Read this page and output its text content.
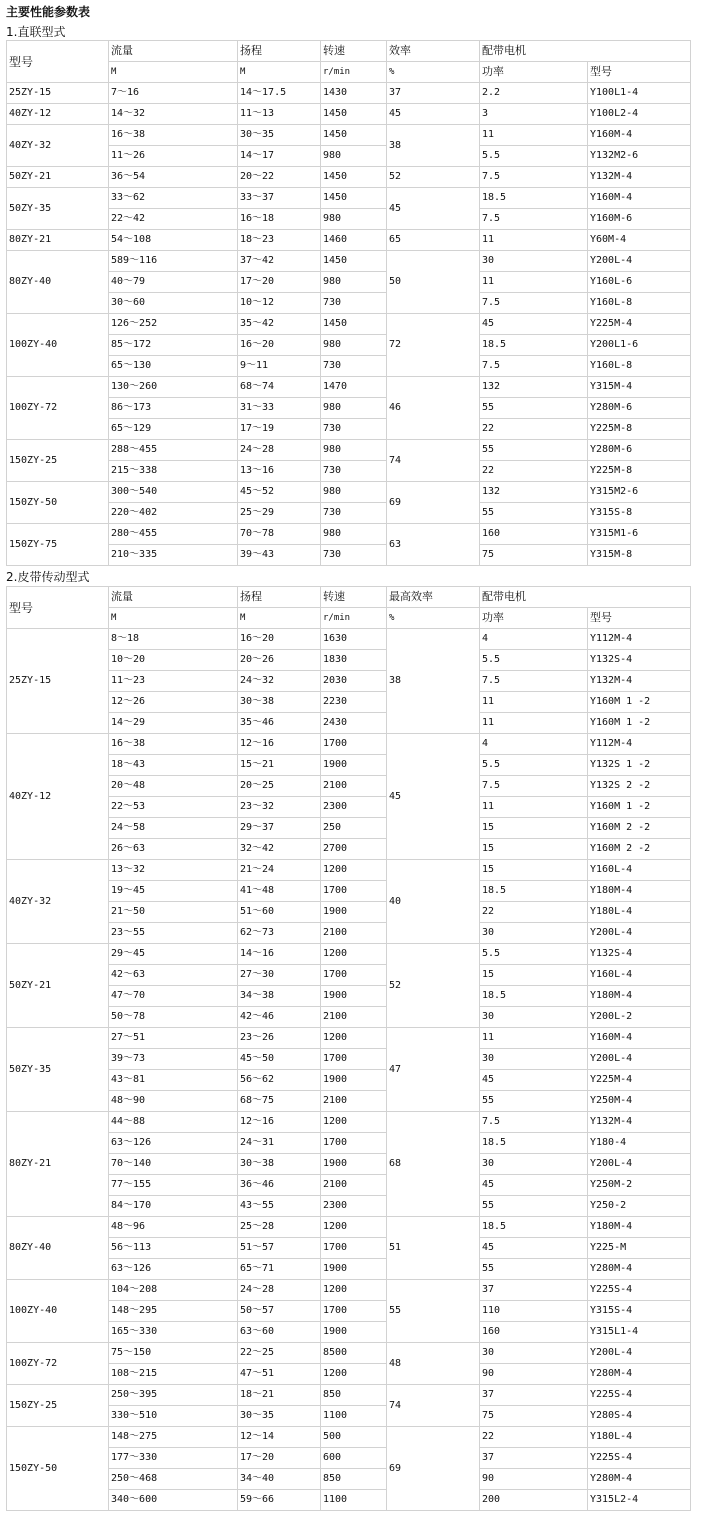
主要性能参数表
1.直联型式
型号	流量	扬程	转速	效率	配带电机	
	M	M	r/min	%	功率	型号
25ZY-15	7～16	14～17.5	1430	37	2.2	Y100L1-4
40ZY-12	14～32	11～13	1450	45	3	Y100L2-4
40ZY-32	16～38	30～35	1450	38	11	Y160M-4
	11～26	14～17	980		5.5	Y132M2-6
50ZY-21	36～54	20～22	1450	52	7.5	Y132M-4
50ZY-35	33～62	33～37	1450	45	18.5	Y160M-4
	22～42	16～18	980		7.5	Y160M-6
80ZY-21	54～108	18～23	1460	65	11	Y60M-4
80ZY-40	589～116	37～42	1450	50	30	Y200L-4
	40～79	17～20	980		11	Y160L-6
	30～60	10～12	730		7.5	Y160L-8
100ZY-40	126～252	35～42	1450	72	45	Y225M-4
	85～172	16～20	980		18.5	Y200L1-6
	65～130	9～11	730		7.5	Y160L-8
100ZY-72	130～260	68～74	1470	46	132	Y315M-4
	86～173	31～33	980		55	Y280M-6
	65～129	17～19	730		22	Y225M-8
150ZY-25	288～455	24～28	980	74	55	Y280M-6
	215～338	13～16	730		22	Y225M-8
150ZY-50	300～540	45～52	980	69	132	Y315M2-6
	220～402	25～29	730		55	Y315S-8
150ZY-75	280～455	70～78	980	63	160	Y315M1-6
	210～335	39～43	730		75	Y315M-8
2.皮带传动型式
型号	流量	扬程	转速	最高效率	配带电机	
	M	M	r/min	%	功率	型号
25ZY-15	8～18	16～20	1630	38	4	Y112M-4
	10～20	20～26	1830		5.5	Y132S-4
	11～23	24～32	2030		7.5	Y132M-4
	12～26	30～38	2230		11	Y160M 1 -2
	14～29	35～46	2430		11	Y160M 1 -2
40ZY-12	16～38	12～16	1700	45	4	Y112M-4
	18～43	15～21	1900		5.5	Y132S 1 -2
	20～48	20～25	2100		7.5	Y132S 2 -2
	22～53	23～32	2300		11	Y160M 1 -2
	24～58	29～37	250		15	Y160M 2 -2
	26～63	32～42	2700		15	Y160M 2 -2
40ZY-32	13～32	21～24	1200	40	15	Y160L-4
	19～45	41～48	1700		18.5	Y180M-4
	21～50	51～60	1900		22	Y180L-4
	23～55	62～73	2100		30	Y200L-4
50ZY-21	29～45	14～16	1200	52	5.5	Y132S-4
	42～63	27～30	1700		15	Y160L-4
	47～70	34～38	1900		18.5	Y180M-4
	50～78	42～46	2100		30	Y200L-2
50ZY-35	27～51	23～26	1200	47	11	Y160M-4
	39～73	45～50	1700		30	Y200L-4
	43～81	56～62	1900		45	Y225M-4
	48～90	68～75	2100		55	Y250M-4
80ZY-21	44～88	12～16	1200	68	7.5	Y132M-4
	63～126	24～31	1700		18.5	Y180-4
	70～140	30～38	1900		30	Y200L-4
	77～155	36～46	2100		45	Y250M-2
	84～170	43～55	2300		55	Y250-2
80ZY-40	48～96	25～28	1200	51	18.5	Y180M-4
	56～113	51～57	1700		45	Y225-M
	63～126	65～71	1900		55	Y280M-4
100ZY-40	104～208	24～28	1200	55	37	Y225S-4
	148～295	50～57	1700		110	Y315S-4
	165～330	63～60	1900		160	Y315L1-4
100ZY-72	75～150	22～25	8500	48	30	Y200L-4
	108～215	47～51	1200		90	Y280M-4
150ZY-25	250～395	18～21	850	74	37	Y225S-4
	330～510	30～35	1100		75	Y280S-4
150ZY-50	148～275	12～14	500	69	22	Y180L-4
	177～330	17～20	600		37	Y225S-4
	250～468	34～40	850		90	Y280M-4
	340～600	59～66	1100		200	Y315L2-4
